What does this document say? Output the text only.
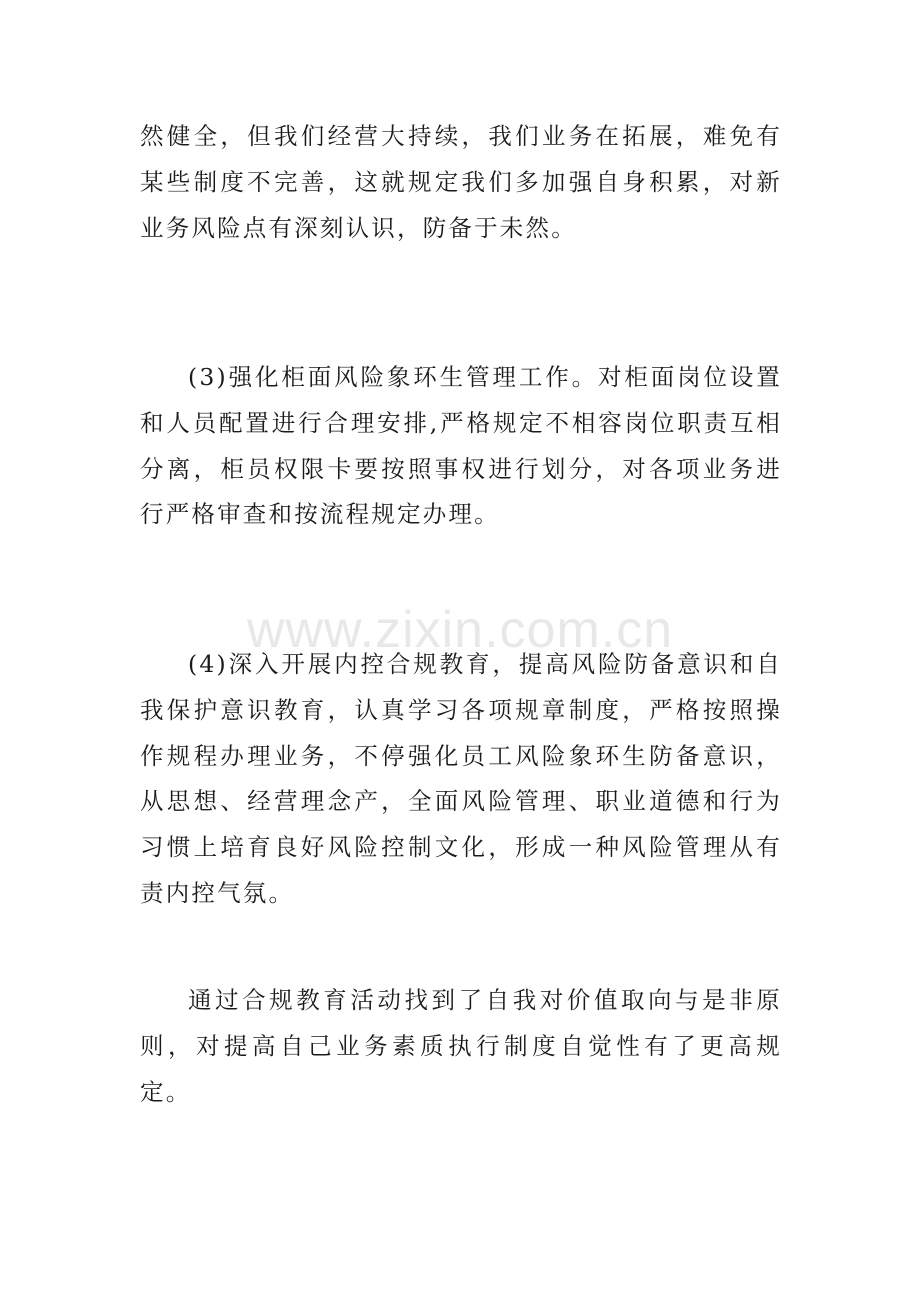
然健全，但我们经营大持续，我们业务在拓展，难免有某些制度不完善，这就规定我们多加强自身积累，对新业务风险点有深刻认识，防备于未然。

(3)强化柜面风险象环生管理工作。对柜面岗位设置和人员配置进行合理安排,严格规定不相容岗位职责互相分离，柜员权限卡要按照事权进行划分，对各项业务进行严格审查和按流程规定办理。

www.zixin.com.cn

(4)深入开展内控合规教育，提高风险防备意识和自我保护意识教育，认真学习各项规章制度，严格按照操作规程办理业务，不停强化员工风险象环生防备意识，从思想、经营理念产，全面风险管理、职业道德和行为习惯上培育良好风险控制文化，形成一种风险管理从有责内控气氛。

通过合规教育活动找到了自我对价值取向与是非原则，对提高自己业务素质执行制度自觉性有了更高规定。
